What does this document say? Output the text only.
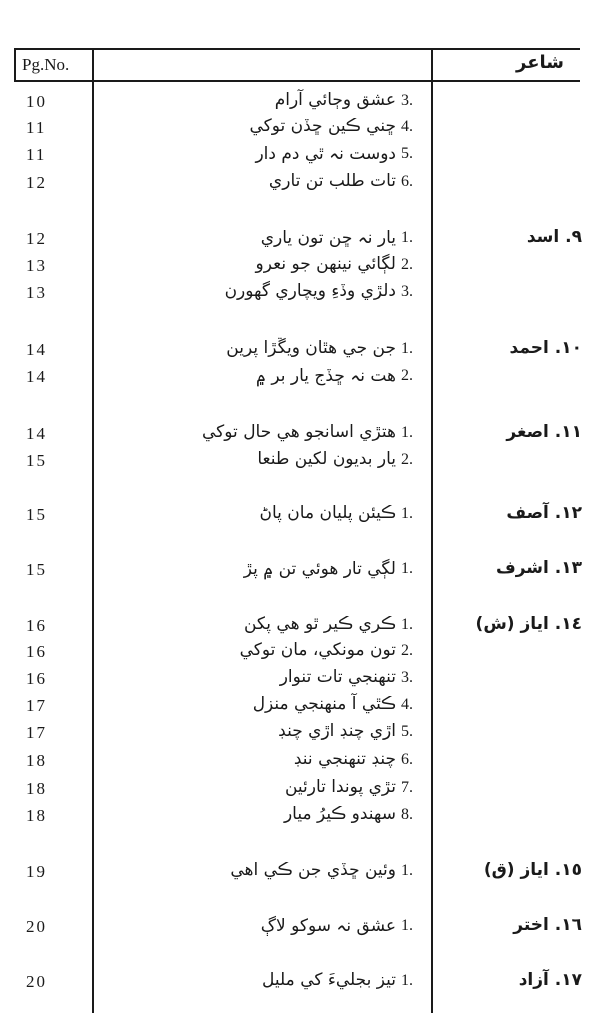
Pg.No.	شاعر
10	عشق وڄائي آرام 3.
11	ڇني ڪين ڇڏن توکي 4.
11	دوست نہ ٿي دم دار 5.
12	تات طلب تن تاري 6.
12	يار نہ ڇن تون ياري 1.	٩. اسد
13	لڳائي نينهن جو نعرو 2.
13	دلڙي وڏءِ ويچاري گھورن 3.
14	جن جي هٿان ويڱڙا پرين 1.	١٠. احمد
14	هت نہ ڇڏج يار بر ۾ 2.
14	هتڙي اسانجو هي حال توکي 1.	١١. اصغر
15	يار بديون لکين طنعا 2.
15	ڪيئن پليان مان پاڻ 1.	١٢. آصف
15	لڳي تار هوئي تن ۾ پڙ 1.	١٣. اشرف
16	ڪري ڪير ٿو هي پکن 1.	١٤. اياز (ش)
16	تون مونکي، مان توکي 2.
16	تنهنجي تات تنوار 3.
17	ڪٿي آ منهنجي منزل 4.
17	اڙي چنڊ اڙي چنڊ 5.
18	چنڊ تنهنجي ننڊ 6.
18	تڙي پوندا تارئين 7.
18	سهندو ڪيرُ ميار 8.
19	وئين ڇڏي جن ڪي اهي 1.	١٥. اياز (ق)
20	عشق نہ سوکو لاڳ 1.	١٦. اختر
20	تيز بجليءَ کي مليل 1.	١٧. آزاد
